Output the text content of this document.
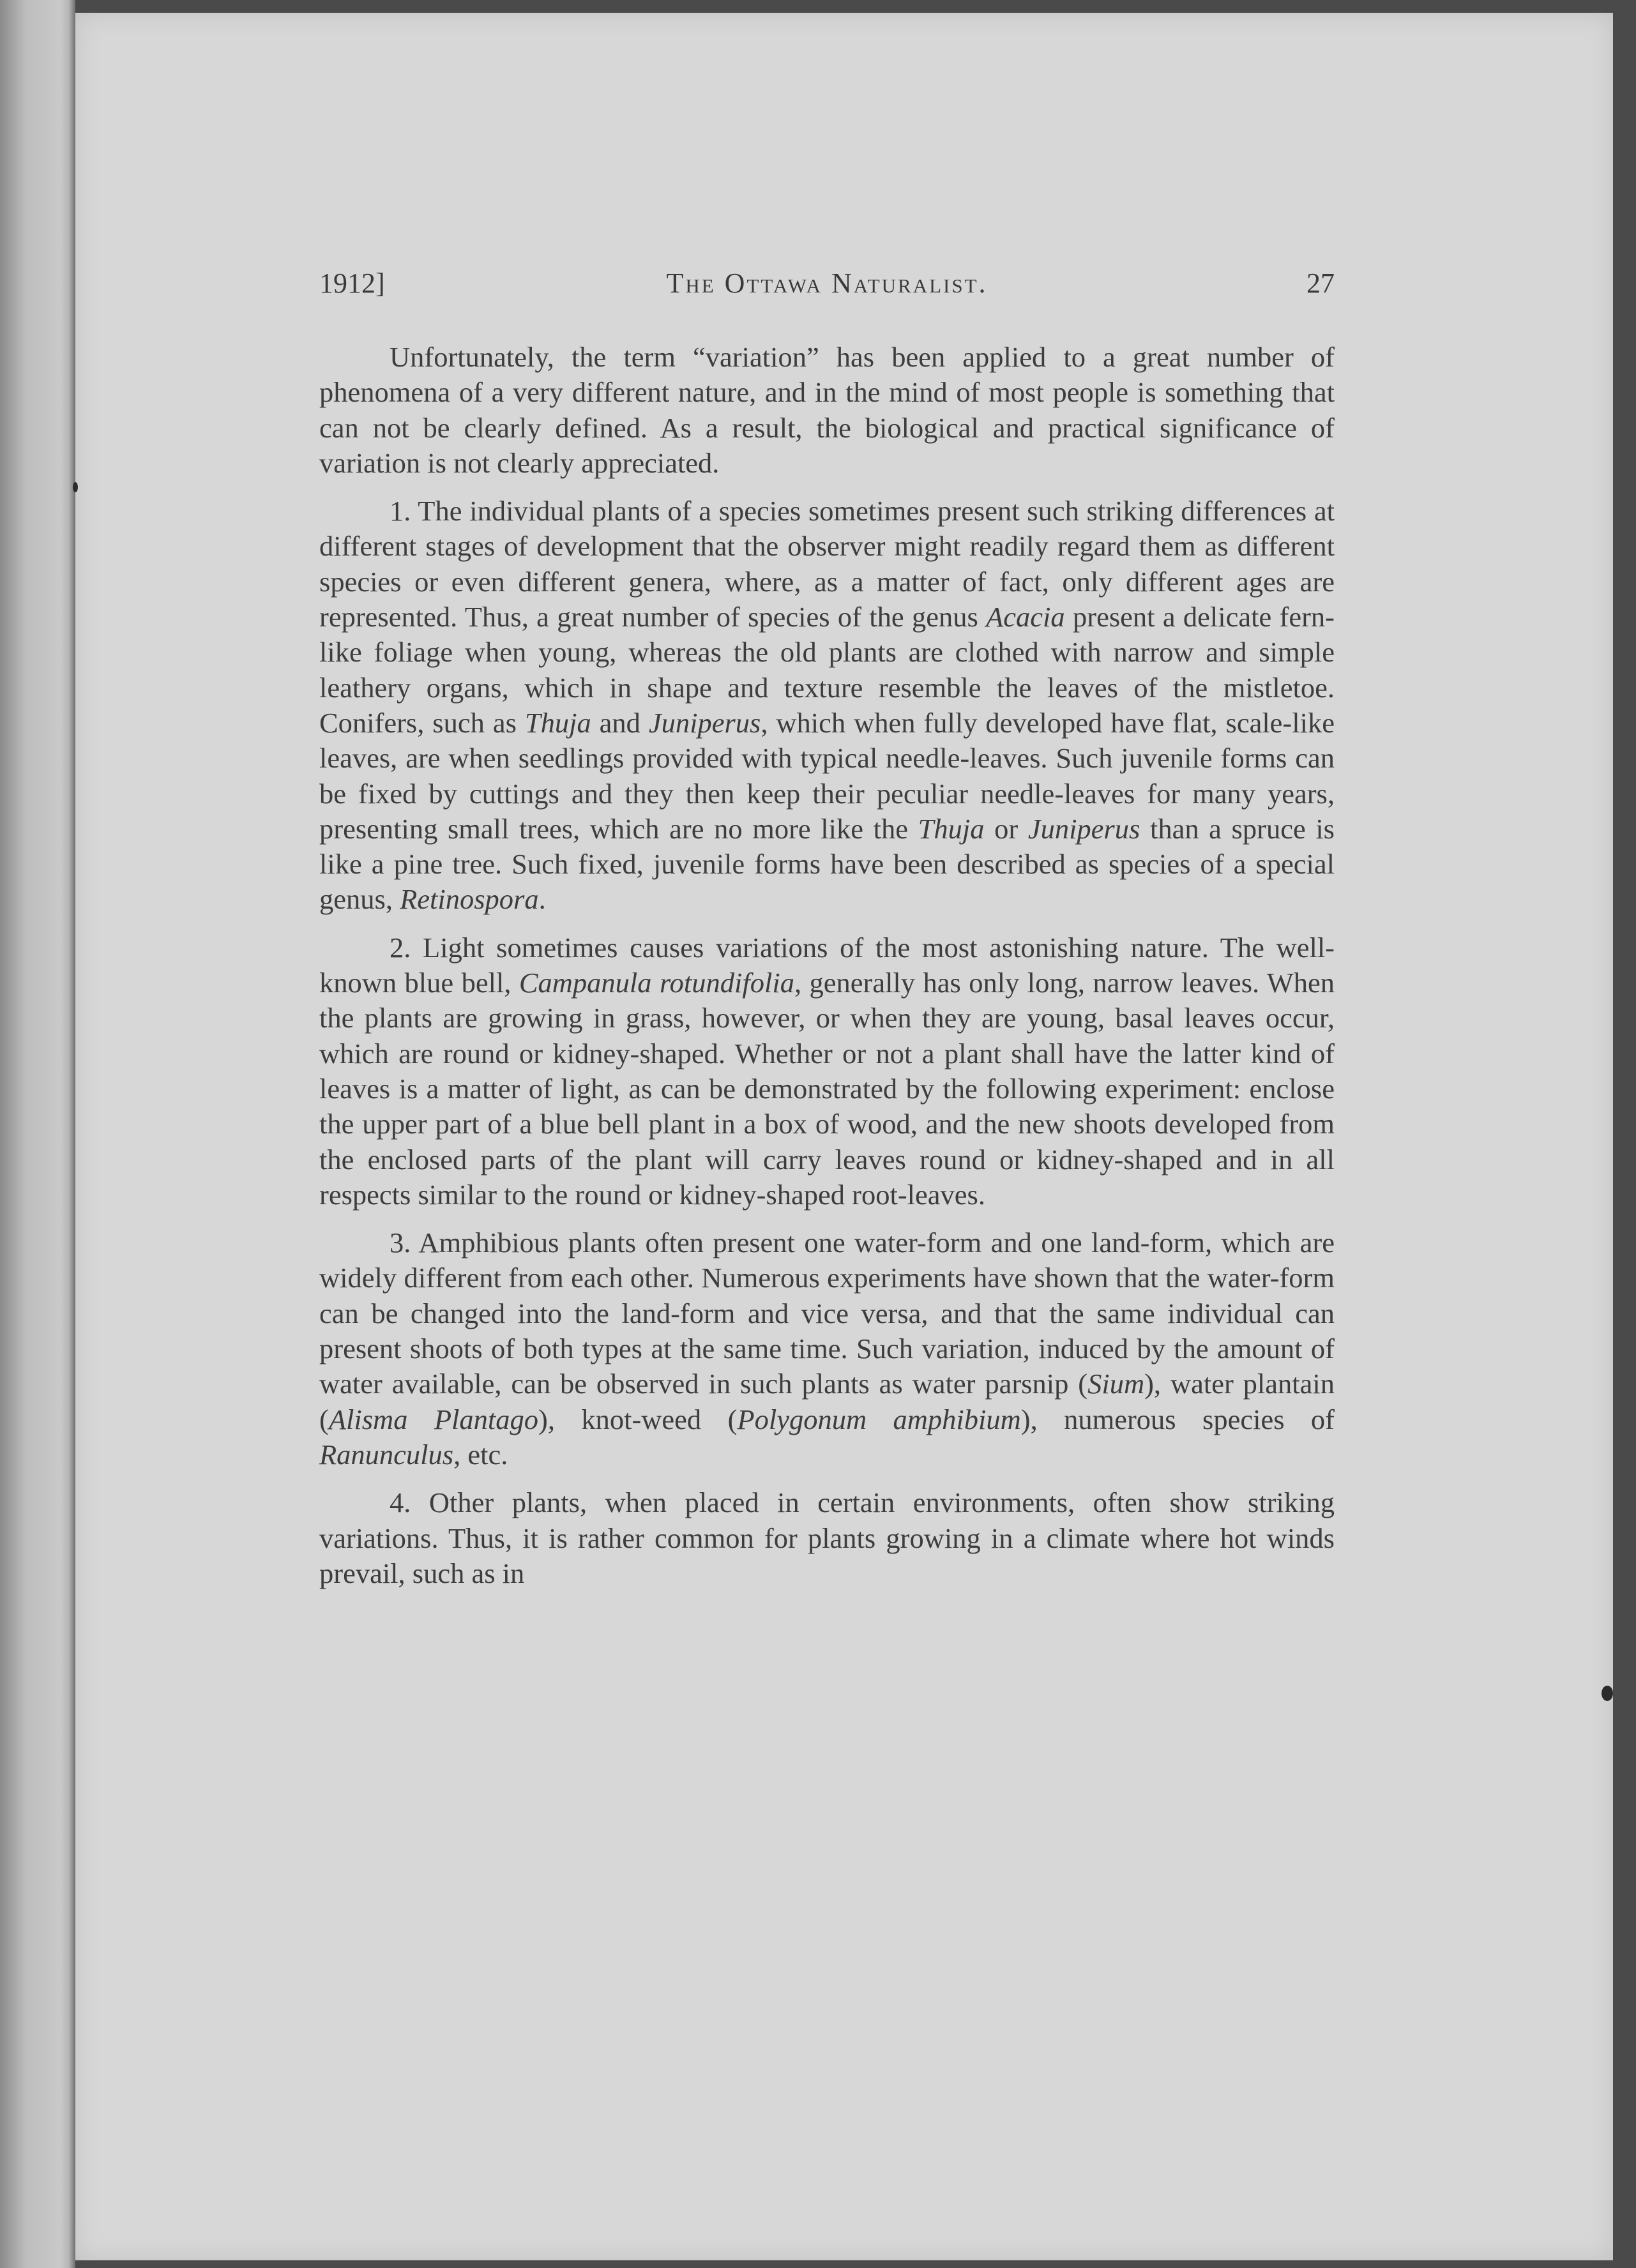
1912]	The Ottawa Naturalist.	27

Unfortunately, the term “variation” has been applied to a great number of phenomena of a very different nature, and in the mind of most people is something that can not be clearly defined. As a result, the biological and practical significance of variation is not clearly appreciated.

1. The individual plants of a species sometimes present such striking differences at different stages of development that the observer might readily regard them as different species or even different genera, where, as a matter of fact, only different ages are represented. Thus, a great number of species of the genus Acacia present a delicate fern-like foliage when young, whereas the old plants are clothed with narrow and simple leathery organs, which in shape and texture resemble the leaves of the mistletoe. Conifers, such as Thuja and Juniperus, which when fully developed have flat, scale-like leaves, are when seedlings provided with typical needle-leaves. Such juvenile forms can be fixed by cuttings and they then keep their peculiar needle-leaves for many years, presenting small trees, which are no more like the Thuja or Juniperus than a spruce is like a pine tree. Such fixed, juvenile forms have been described as species of a special genus, Retinospora.

2. Light sometimes causes variations of the most astonishing nature. The well-known blue bell, Campanula rotundifolia, generally has only long, narrow leaves. When the plants are growing in grass, however, or when they are young, basal leaves occur, which are round or kidney-shaped. Whether or not a plant shall have the latter kind of leaves is a matter of light, as can be demonstrated by the following experiment: enclose the upper part of a blue bell plant in a box of wood, and the new shoots developed from the enclosed parts of the plant will carry leaves round or kidney-shaped and in all respects similar to the round or kidney-shaped root-leaves.

3. Amphibious plants often present one water-form and one land-form, which are widely different from each other. Numerous experiments have shown that the water-form can be changed into the land-form and vice versa, and that the same individual can present shoots of both types at the same time. Such variation, induced by the amount of water available, can be observed in such plants as water parsnip (Sium), water plantain (Alisma Plantago), knot-weed (Polygonum amphibium), numerous species of Ranunculus, etc.

4. Other plants, when placed in certain environments, often show striking variations. Thus, it is rather common for plants growing in a climate where hot winds prevail, such as in
